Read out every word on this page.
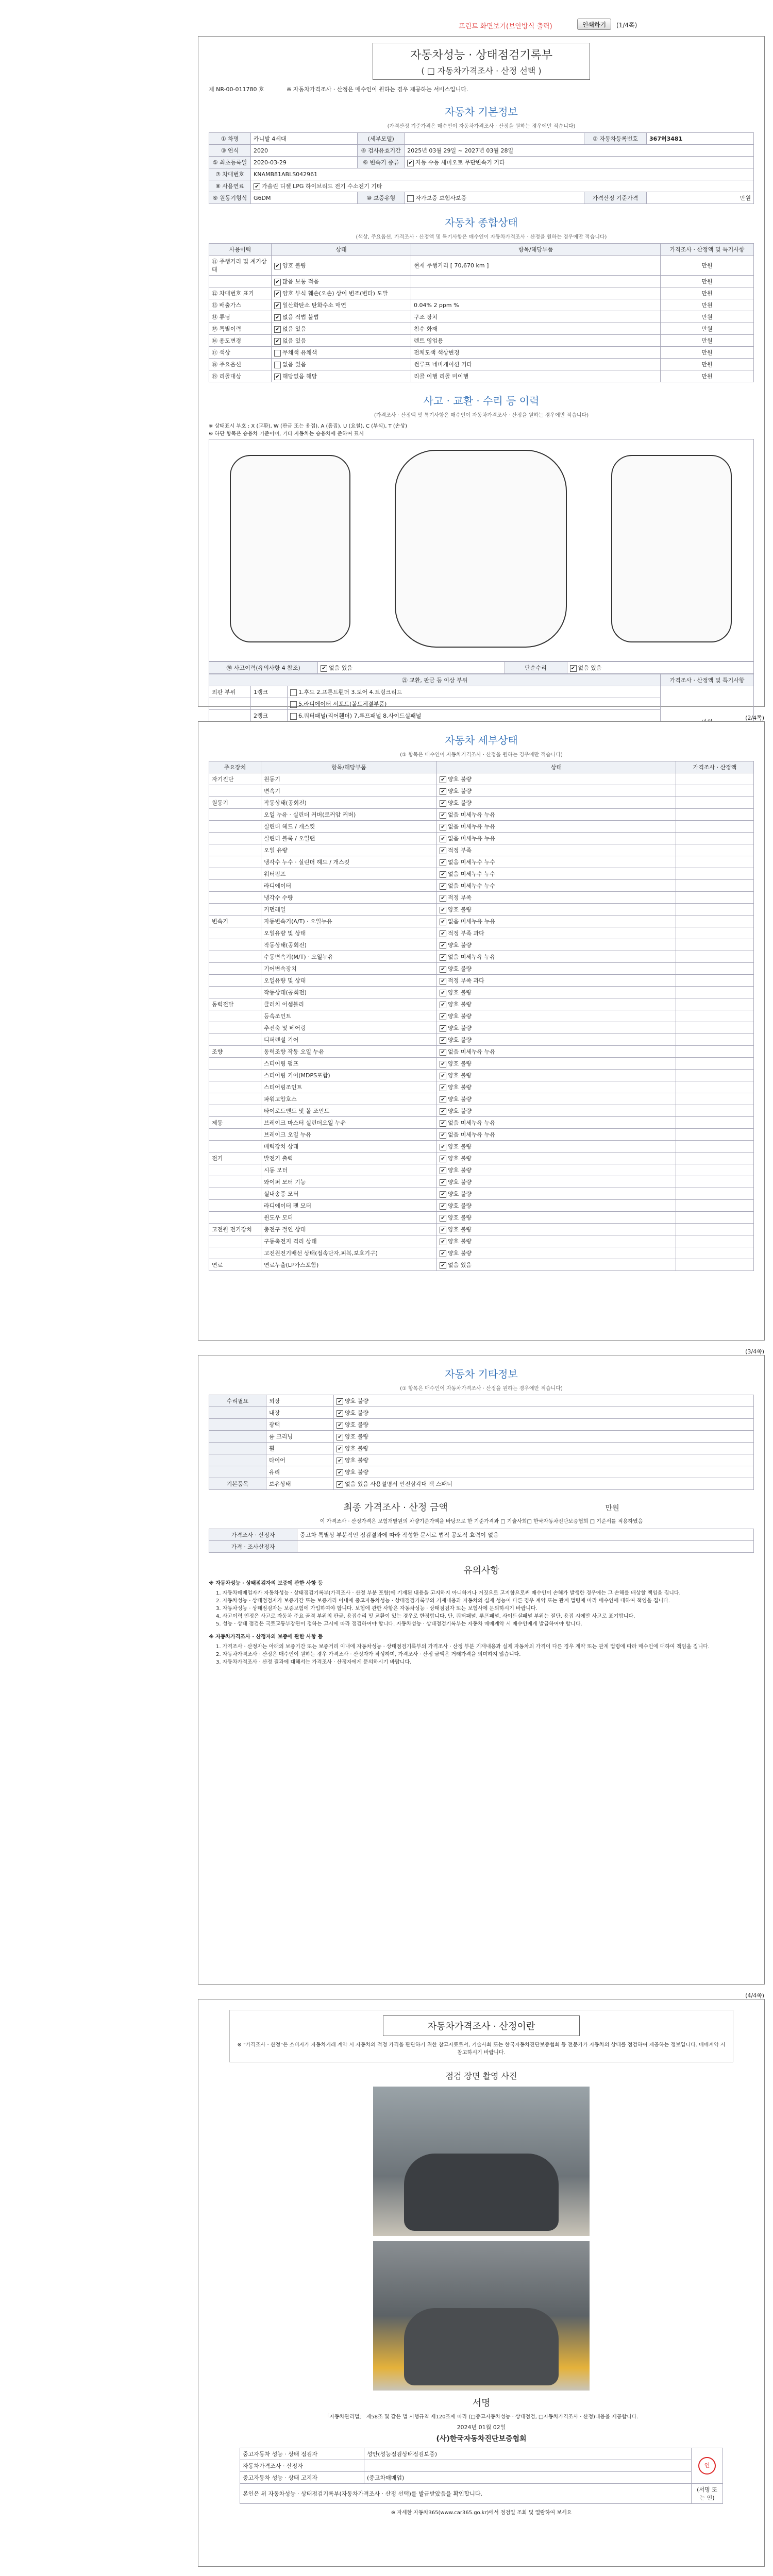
프린트 화면보기(보안방식 출력)	인쇄하기	(1/4쪽)
자동차성능 · 상태점검기록부
( □ 자동차가격조사 · 산정 선택 )
제 NR-00-011780 호	※ 자동차가격조사 · 산정은 매수인이 원하는 경우 제공하는 서비스입니다.
자동차 기본정보
(가격산정 기준가격은 매수인이 자동차가격조사 · 산정을 원하는 경우에만 적습니다)
① 차명	카니발 4세대	(세부모델)		② 자동차등록번호	367허3481
③ 연식	2020	④ 검사유효기간	2025년 03월 29일 ~ 2027년 03월 28일		
⑤ 최초등록일	2020-03-29	⑥ 변속기 종류	✔자동 수동 세미오토 무단변속기 기타
⑦ 차대번호	KNAMB81ABLS042961				
⑧ 사용연료	✔가솔린 디젤 LPG 하이브리드 전기 수소전기 기타
⑨ 원동기형식	G6DM	⑩ 보증유형	자가보증 보험사보증	가격산정 기준가격	만원
자동차 종합상태
(색상, 주요옵션, 가격조사 · 산정액 및 특기사항은 매수인이 자동차가격조사 · 산정을 원하는 경우에만 적습니다)
사용이력	상태	항목/해당부품	가격조사 · 산정액 및 특기사항
⑪ 주행거리 및 계기상태	✔양호 불량	현재 주행거리 [ 70,670 km ]	만원
	✔많음 보통 적음		만원
⑫ 차대번호 표기	✔양호 부식 훼손(오손) 상이 변조(변타) 도말		만원
⑬ 배출가스	✔일산화탄소 탄화수소 매연	0.04% 2 ppm %	만원
⑭ 튜닝	✔없음 적법 불법	구조 장치	만원
⑮ 특별이력	✔없음 있음	침수 화재	만원
⑯ 용도변경	✔없음 있음	렌트 영업용	만원
⑰ 색상	무채색 유채색	전체도색 색상변경	만원
⑱ 주요옵션	없음 있음	썬루프 네비게이션 기타	만원
⑲ 리콜대상	✔해당없음 해당	리콜 이행 리콜 미이행	만원
사고 · 교환 · 수리 등 이력
(가격조사 · 산정액 및 특기사항은 매수인이 자동차가격조사 · 산정을 원하는 경우에만 적습니다)
※ 상태표시 부호 : X (교환), W (판금 또는 용접), A (흠집), U (요철), C (부식), T (손상)
※ 하단 항목은 승용차 기준이며, 기타 자동차는 승용차에 준하여 표시
⑳ 사고이력(유의사항 4 참조)	✔없음 있음	단순수리	✔없음 있음
㉑ 교환, 판금 등 이상 부위			가격조사 · 산정액 및 특기사항
외판 부위	1랭크	1.후드 2.프론트휀더 3.도어 4.트렁크리드	
		5.라디에이터 서포트(볼트체결부품)	
	2랭크	6.쿼터패널(리어휀더) 7.루프패널 8.사이드실패널	

			(2/4쪽)
자동차 세부상태
(① 항목은 매수인이 자동차가격조사 · 산정을 원하는 경우에만 적습니다)
주요장치	항목/해당부품	상태	가격조사 · 산정액
자기진단	원동기	✔양호 불량	
	변속기	✔양호 불량	
원동기	작동상태(공회전)	✔양호 불량	
	오일 누유 · 실린더 커버(로커암 커버)	✔없음 미세누유 누유	
	실린더 헤드 / 개스킷	✔없음 미세누유 누유	
	실린더 블록 / 오일팬	✔없음 미세누유 누유	
	오일 유량	✔적정 부족	
	냉각수 누수 · 실린더 헤드 / 개스킷	✔없음 미세누수 누수	
	워터펌프	✔없음 미세누수 누수	
	라디에이터	✔없음 미세누수 누수	
	냉각수 수량	✔적정 부족	
	커먼레일	✔양호 불량	
변속기	자동변속기(A/T) · 오일누유	✔없음 미세누유 누유	
	오일유량 및 상태	✔적정 부족 과다	
	작동상태(공회전)	✔양호 불량	
	수동변속기(M/T) · 오일누유	✔없음 미세누유 누유	
	기어변속장치	✔양호 불량	
	오일유량 및 상태	✔적정 부족 과다	
	작동상태(공회전)	✔양호 불량	
동력전달	클러치 어셈블리	✔양호 불량	
	등속조인트	✔양호 불량	
	추진축 및 베어링	✔양호 불량	
	디퍼렌셜 기어	✔양호 불량	
조향	동력조향 작동 오일 누유	✔없음 미세누유 누유	
	스티어링 펌프	✔양호 불량	
	스티어링 기어(MDPS포함)	✔양호 불량	
	스티어링조인트	✔양호 불량	
	파워고압호스	✔양호 불량	
	타이로드엔드 및 볼 조인트	✔양호 불량	
제동	브레이크 마스터 실린더오일 누유	✔없음 미세누유 누유	
	브레이크 오일 누유	✔없음 미세누유 누유	
	배력장치 상태	✔양호 불량	
전기	발전기 출력	✔양호 불량	
	시동 모터	✔양호 불량	
	와이퍼 모터 기능	✔양호 불량	
	실내송풍 모터	✔양호 불량	
	라디에이터 팬 모터	✔양호 불량	
	윈도우 모터	✔양호 불량	
고전원 전기장치	충전구 절연 상태	✔양호 불량	
	구동축전지 격리 상태	✔양호 불량	
	고전원전기배선 상태(접속단자,피복,보호기구)	✔양호 불량	
연료	연료누출(LP가스포함)	✔없음 있음	
(3/4쪽)
자동차 기타정보
(① 항목은 매수인이 자동차가격조사 · 산정을 원하는 경우에만 적습니다)
수리필요	외장	✔양호 불량
	내장	✔양호 불량
	광택	✔양호 불량
	룸 크리닝	✔양호 불량
	휠	✔양호 불량
	타이어	✔양호 불량
	유리	✔양호 불량
기본품목	보유상태	✔없음 있음 사용설명서 안전삼각대 잭 스패너
최종 가격조사 · 산정 금액	만원
이 가격조사 · 산정가격은 보험개발원의 차량기준가액을 바탕으로 한 기준가격과 □ 기술사회□ 한국자동차진단보증협회 □ 기준서를 적용하였음
가격조사 · 산정자	중고차 특별상 부분적인 점검결과에 따라 작성한 문서로 법적 공도적 효력이 없음
가격 · 조사산정자	
유의사항
※ 자동차성능 · 상태점검자의 보증에 관한 사항 등
1. 자동차매매업자가 자동차성능 · 상태점검기록부(가격조사 · 산정 부분 포함)에 기재된 내용을 고지하지 아니하거나 거짓으로 고지함으로써 매수인이 손해가 발생한 경우에는 그 손해를 배상할 책임을 집니다.
2. 자동차성능 · 상태점검자가 보증기간 또는 보증거리 이내에 중고자동차성능 · 상태점검기록부의 기재내용과 자동차의 실제 성능이 다른 경우 계약 또는 관계 법령에 따라 매수인에 대하여 책임을 집니다.
3. 자동차성능 · 상태점검자는 보증보험에 가입하여야 합니다. 보험에 관한 사항은 자동차성능 · 상태점검자 또는 보험사에 문의하시기 바랍니다.
4. 사고이력 인정은 사고로 자동차 주요 골격 부위의 판금, 용접수리 및 교환이 있는 경우로 한정합니다. 단, 쿼터패널, 루프패널, 사이드실패널 부위는 절단, 용접 시에만 사고로 표기합니다.
5. 성능 · 상태 점검은 국토교통부장관이 정하는 고시에 따라 점검하여야 합니다. 자동차성능 · 상태점검기록부는 자동차 매매계약 시 매수인에게 발급하여야 합니다.
※ 자동차가격조사 · 산정자의 보증에 관한 사항 등
1. 가격조사 · 산정자는 아래의 보증기간 또는 보증거리 이내에 자동차성능 · 상태점검기록부의 가격조사 · 산정 부분 기재내용과 실제 자동차의 가격이 다른 경우 계약 또는 관계 법령에 따라 매수인에 대하여 책임을 집니다.
2. 자동차가격조사 · 산정은 매수인이 원하는 경우 가격조사 · 산정자가 작성하며, 가격조사 · 산정 금액은 거래가격을 의미하지 않습니다.
3. 자동차가격조사 · 산정 결과에 대해서는 가격조사 · 산정자에게 문의하시기 바랍니다.
(4/4쪽)
자동차가격조사 · 산정이란
※ "가격조사 · 산정"은 소비자가 자동차거래 계약 시 자동차의 적정 가격을 판단하기 위한 참고자료로서, 기술사회 또는 한국자동차진단보증협회 등 전문가가 자동차의 상태를 점검하여 제공하는 정보입니다. 매매계약 시 참고하시기 바랍니다.
점검 장면 촬영 사진
서명
「자동차관리법」 제58조 및 같은 법 시행규칙 제120조에 따라 (□중고자동차성능 · 상태점검, □자동차가격조사 · 산정)내용을 제공합니다.
2024년 01월 02일
(사)한국자동차진단보증협회
중고자동차 성능 · 상태 점검자	성안(성능점검상태점검보증)	인
자동차가격조사 · 산정자		
중고자동차 성능 · 상태 고지자	(중고차매매업)	
본인은 위 자동차성능 · 상태점검기록부(자동차가격조사 · 산정 선택)를 발급받았음을 확인합니다.		(서명 또는 인)
※ 자세한 자동차365(www.car365.go.kr)에서 점검일 조회 및 열람하여 보세요
